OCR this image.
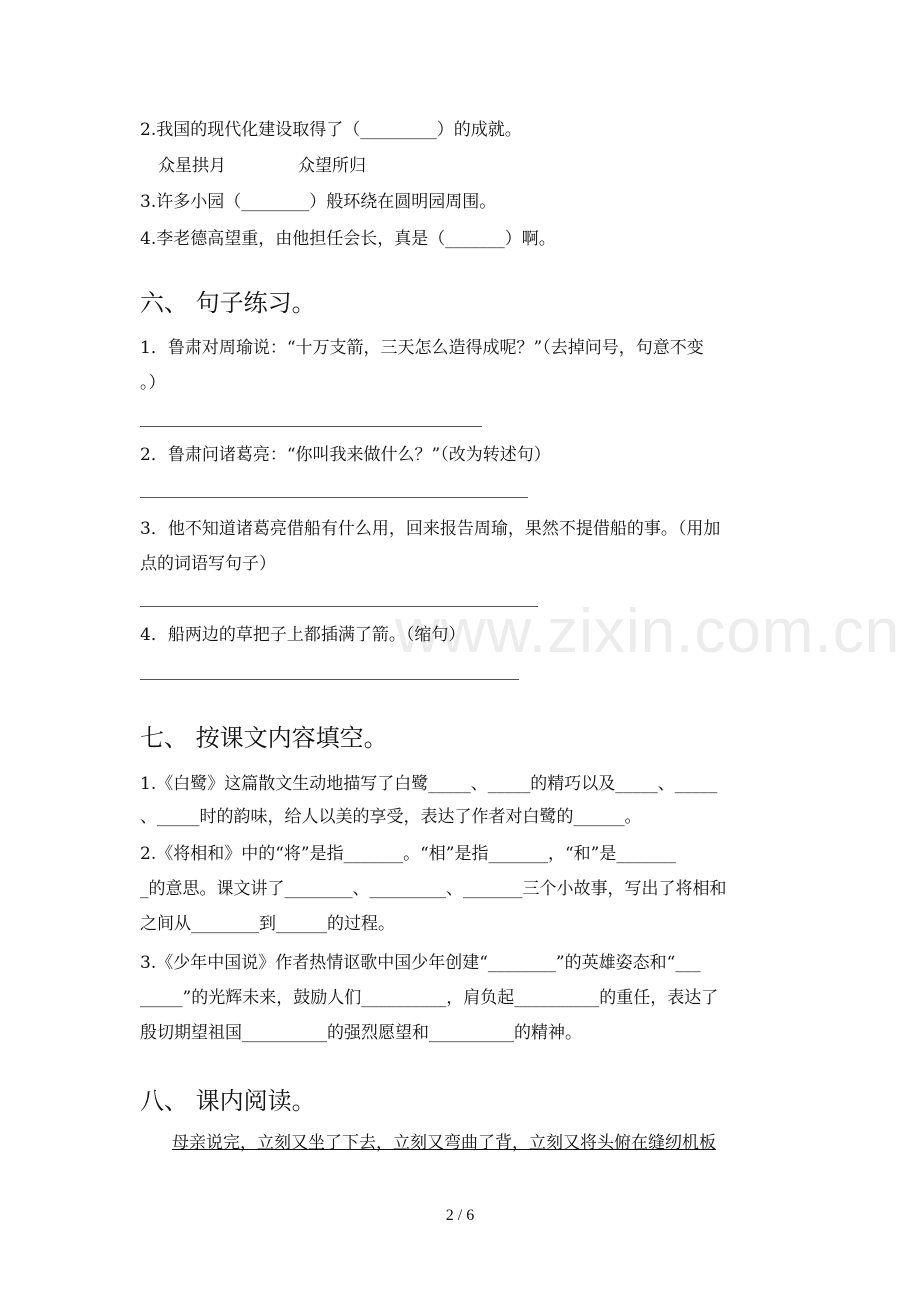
www.zixin.com.cn
2.我国的现代化建设取得了（_________）的成就。
众星拱月	众望所归
3.许多小园（________）般环绕在圆明园周围。
4.李老德高望重，由他担任会长，真是（_______）啊。
六、 句子练习。
1．鲁肃对周瑜说：“十万支箭，三天怎么造得成呢？”（去掉问号，句意不变
。）
2．鲁肃问诸葛亮：“你叫我来做什么？”（改为转述句）
3．他不知道诸葛亮借船有什么用，回来报告周瑜，果然不提借船的事。（用加
点的词语写句子）
4．船两边的草把子上都插满了箭。（缩句）
七、 按课文内容填空。
1.《白鹭》这篇散文生动地描写了白鹭_____、_____的精巧以及_____、_____
、_____时的韵味，给人以美的享受，表达了作者对白鹭的______。
2.《将相和》中的“将”是指_______。“相”是指_______，“和”是_______
_的意思。课文讲了________、_________、_______三个小故事，写出了将相和
之间从________到______的过程。
3.《少年中国说》作者热情讴歌中国少年创建“________”的英雄姿态和“___
_____”的光辉未来，鼓励人们__________，肩负起__________的重任，表达了
殷切期望祖国__________的强烈愿望和__________的精神。
八、 课内阅读。
母亲说完，立刻又坐了下去，立刻又弯曲了背，立刻又将头俯在缝纫机板
2 / 6
